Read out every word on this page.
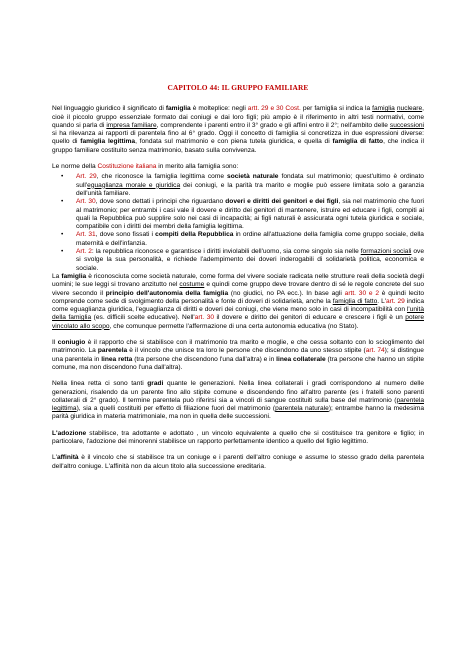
CAPITOLO 44: IL GRUPPO FAMILIARE

Nel linguaggio giuridico il significato di famiglia è molteplice: negli artt. 29 e 30 Cost. per famiglia si indica la famiglia nucleare, cioè il piccolo gruppo essenziale formato dai coniugi e dai loro figli; più ampio è il riferimento in altri testi normativi, come quando si parla di impresa familiare, comprendente i parenti entro il 3° grado e gli affini entro il 2°; nell'ambito delle successioni si ha rilevanza ai rapporti di parentela fino al 6° grado. Oggi il concetto di famiglia si concretizza in due espressioni diverse: quello di famiglia legittima, fondata sul matrimonio e con piena tutela giuridica, e quella di famiglia di fatto, che indica il gruppo familiare costituito senza matrimonio, basato sulla convivenza.

Le norme della Costituzione italiana in merito alla famiglia sono:

• Art. 29, che riconosce la famiglia legittima come società naturale fondata sul matrimonio; quest'ultimo è ordinato sull'eguaglianza morale e giuridica dei coniugi, e la parità tra marito e moglie può essere limitata solo a garanzia dell'unità familiare.
• Art. 30, dove sono dettati i principi che riguardano doveri e diritti dei genitori e dei figli, sia nel matrimonio che fuori al matrimonio; per entrambi i casi vale il dovere e diritto dei genitori di mantenere, istruire ed educare i figli, compiti ai quali la Repubblica può supplire solo nei casi di incapacità; ai figli naturali è assicurata ogni tutela giuridica e sociale, compatibile con i diritti dei membri della famiglia legittima.
• Art. 31, dove sono fissati i compiti della Repubblica in ordine all'attuazione della famiglia come gruppo sociale, della maternità e dell'infanzia.
• Art. 2: la repubblica riconosce e garantisce i diritti inviolabili dell'uomo, sia come singolo sia nelle formazioni sociali ove si svolge la sua personalità, e richiede l'adempimento dei doveri inderogabili di solidarietà politica, economica e sociale.

La famiglia è riconosciuta come società naturale, come forma del vivere sociale radicata nelle strutture reali della società degli uomini; le sue leggi si trovano anzitutto nel costume e quindi come gruppo deve trovare dentro di sé le regole concrete del suo vivere secondo il principio dell'autonomia della famiglia (no giudici, no PA ecc.). In base agli artt. 30 e 2 è quindi lecito comprende come sede di svolgimento della personalità e fonte di doveri di solidarietà, anche la famiglia di fatto. L'art. 29 indica come eguaglianza giuridica, l'eguaglianza di diritti e doveri dei coniugi, che viene meno solo in casi di incompatibilità con l'unità della famiglia (es. difficili scelte educative). Nell'art. 30 il dovere e diritto dei genitori di educare e crescere i figli è un potere vincolato allo scopo, che comunque permette l'affermazione di una certa autonomia educativa (no Stato).

Il coniugio è il rapporto che si stabilisce con il matrimonio tra marito e moglie, e che cessa soltanto con lo scioglimento del matrimonio. La parentela è il vincolo che unisce tra loro le persone che discendono da uno stesso stipite (art. 74); si distingue una parentela in linea retta (tra persone che discendono l'una dall'altra) e in linea collaterale (tra persone che hanno un stipite comune, ma non discendono l'una dall'altra).

Nella linea retta ci sono tanti gradi quante le generazioni. Nella linea collaterali i gradi corrispondono al numero delle generazioni, risalendo da un parente fino allo stipite comune e discendendo fino all'altro parente (es i fratelli sono parenti collaterali di 2° grado). Il termine parentela può riferirsi sia a vincoli di sangue costituiti sulla base del matrimonio (parentela legittima), sia a quelli costituiti per effetto di filiazione fuori del matrimonio (parentela naturale); entrambe hanno la medesima parità giuridica in materia matrimoniale, ma non in quella delle successioni.

L'adozione stabilisce, tra adottante e adottato , un vincolo equivalente a quello che si costituisce tra genitore e figlio; in particolare, l'adozione dei minorenni stabilisce un rapporto perfettamente identico a quello del figlio legittimo.

L'affinità è il vincolo che si stabilisce tra un coniuge e i parenti dell'altro coniuge e assume lo stesso grado della parentela dell'altro coniuge. L'affinità non da alcun titolo alla successione ereditaria.
